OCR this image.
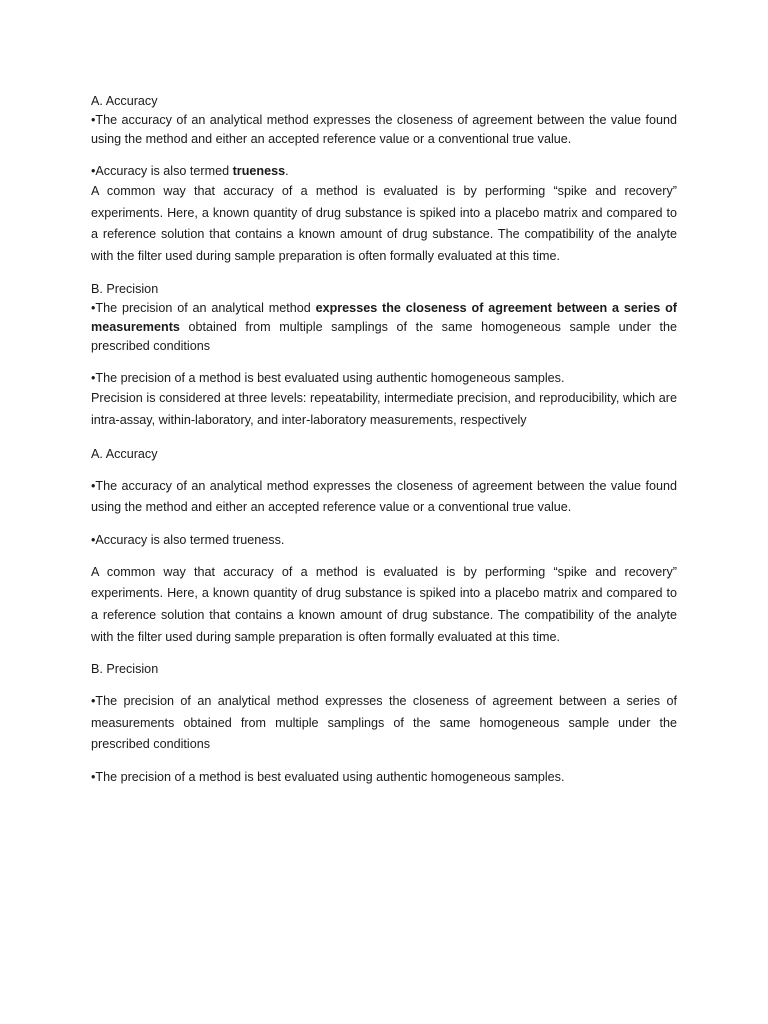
A. Accuracy

•The accuracy of an analytical method expresses the closeness of agreement between the value found using the method and either an accepted reference value or a conventional true value.

•Accuracy is also termed trueness.

A common way that accuracy of a method is evaluated is by performing “spike and recovery” experiments. Here, a known quantity of drug substance is spiked into a placebo matrix and compared to a reference solution that contains a known amount of drug substance. The compatibility of the analyte with the filter used during sample preparation is often formally evaluated at this time.

B. Precision

•The precision of an analytical method expresses the closeness of agreement between a series of measurements obtained from multiple samplings of the same homogeneous sample under the prescribed conditions

•The precision of a method is best evaluated using authentic homogeneous samples.

Precision is considered at three levels: repeatability, intermediate precision, and reproducibility, which are intra-assay, within-laboratory, and inter-laboratory measurements, respectively

A. Accuracy

•The accuracy of an analytical method expresses the closeness of agreement between the value found using the method and either an accepted reference value or a conventional true value.

•Accuracy is also termed trueness.

A common way that accuracy of a method is evaluated is by performing “spike and recovery” experiments. Here, a known quantity of drug substance is spiked into a placebo matrix and compared to a reference solution that contains a known amount of drug substance. The compatibility of the analyte with the filter used during sample preparation is often formally evaluated at this time.

B. Precision

•The precision of an analytical method expresses the closeness of agreement between a series of measurements obtained from multiple samplings of the same homogeneous sample under the prescribed conditions

•The precision of a method is best evaluated using authentic homogeneous samples.
